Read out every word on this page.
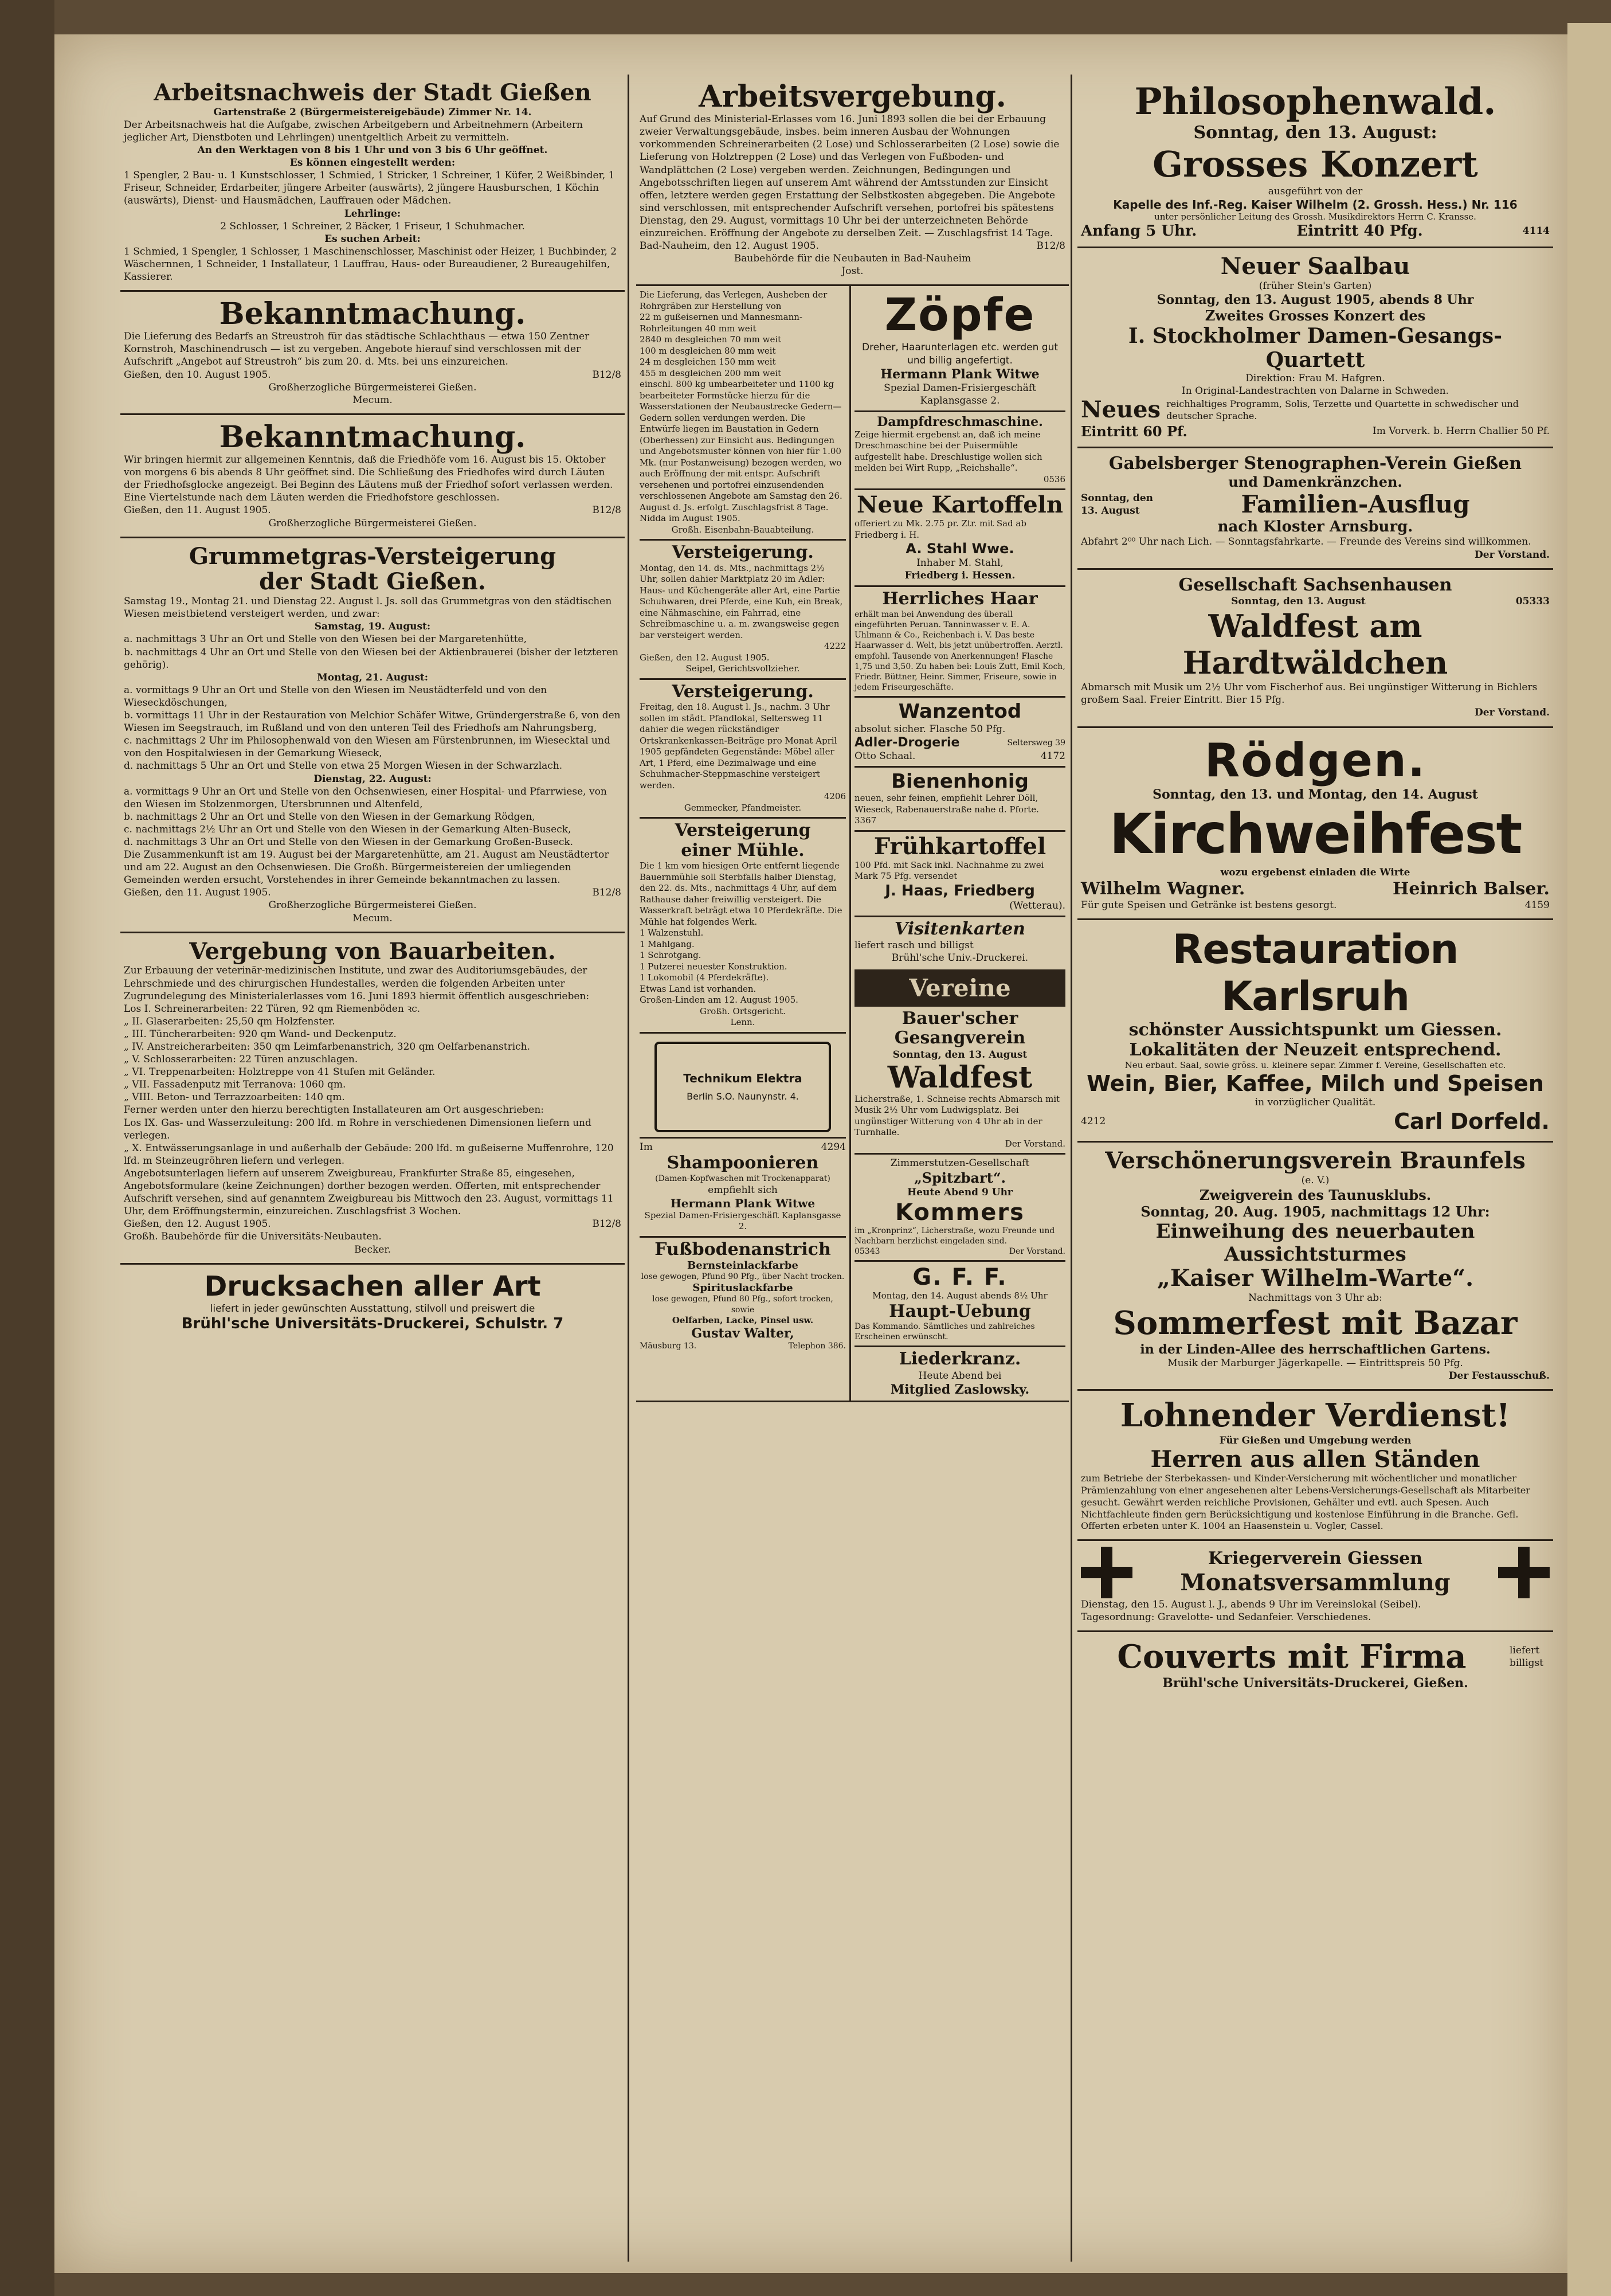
Arbeitsnachweis der Stadt Gießen
Gartenstraße 2 (Bürgermeistereigebäude) Zimmer Nr. 14.
Der Arbeitsnachweis hat die Aufgabe, zwischen Arbeitgebern und Arbeitnehmern (Arbeitern jeglicher Art, Dienstboten und Lehrlingen) unentgeltlich Arbeit zu vermitteln.
An den Werktagen von 8 bis 1 Uhr und von 3 bis 6 Uhr geöffnet.
Es können eingestellt werden:
1 Spengler, 2 Bau- u. 1 Kunstschlosser, 1 Schmied, 1 Stricker, 1 Schreiner, 1 Küfer, 2 Weißbinder, 1 Friseur, Schneider, Erdarbeiter, jüngere Arbeiter (auswärts), 2 jüngere Hausburschen, 1 Köchin (auswärts), Dienst- und Hausmädchen, Lauffrauen oder Mädchen.
Lehrlinge:
2 Schlosser, 1 Schreiner, 2 Bäcker, 1 Friseur, 1 Schuhmacher.
Es suchen Arbeit:
1 Schmied, 1 Spengler, 1 Schlosser, 1 Maschinenschlosser, Maschinist oder Heizer, 1 Buchbinder, 2 Wäschernnen, 1 Schneider, 1 Installateur, 1 Lauffrau, Haus- oder Bureaudiener, 2 Bureaugehilfen, Kassierer.
Bekanntmachung.
Die Lieferung des Bedarfs an Streustroh für das städtische Schlachthaus — etwa 150 Zentner Kornstroh, Maschinendrusch — ist zu vergeben. Angebote hierauf sind verschlossen mit der Aufschrift „Angebot auf Streustroh“ bis zum 20. d. Mts. bei uns einzureichen.
Gießen, den 10. August 1905.	B12/8
Großherzogliche Bürgermeisterei Gießen.
Mecum.
Bekanntmachung.
Wir bringen hiermit zur allgemeinen Kenntnis, daß die Friedhöfe vom 16. August bis 15. Oktober von morgens 6 bis abends 8 Uhr geöffnet sind. Die Schließung des Friedhofes wird durch Läuten der Friedhofsglocke angezeigt. Bei Beginn des Läutens muß der Friedhof sofort verlassen werden. Eine Viertelstunde nach dem Läuten werden die Friedhofstore geschlossen.
Gießen, den 11. August 1905.	B12/8
Großherzogliche Bürgermeisterei Gießen.
Grummetgras-Versteigerung
der Stadt Gießen.
Samstag 19., Montag 21. und Dienstag 22. August l. Js. soll das Grummetgras von den städtischen Wiesen meistbietend versteigert werden, und zwar:
Samstag, 19. August:
a. nachmittags 3 Uhr an Ort und Stelle von den Wiesen bei der Margaretenhütte,
b. nachmittags 4 Uhr an Ort und Stelle von den Wiesen bei der Aktienbrauerei (bisher der letzteren gehörig).
Montag, 21. August:
a. vormittags 9 Uhr an Ort und Stelle von den Wiesen im Neustädterfeld und von den Wieseckdöschungen,
b. vormittags 11 Uhr in der Restauration von Melchior Schäfer Witwe, Gründergerstraße 6, von den Wiesen im Seegstrauch, im Rußland und von den unteren Teil des Friedhofs am Nahrungsberg,
c. nachmittags 2 Uhr im Philosophenwald von den Wiesen am Fürstenbrunnen, im Wiesecktal und von den Hospitalwiesen in der Gemarkung Wieseck,
d. nachmittags 5 Uhr an Ort und Stelle von etwa 25 Morgen Wiesen in der Schwarzlach.
Dienstag, 22. August:
a. vormittags 9 Uhr an Ort und Stelle von den Ochsenwiesen, einer Hospital- und Pfarrwiese, von den Wiesen im Stolzenmorgen, Utersbrunnen und Altenfeld,
b. nachmittags 2 Uhr an Ort und Stelle von den Wiesen in der Gemarkung Rödgen,
c. nachmittags 2½ Uhr an Ort und Stelle von den Wiesen in der Gemarkung Alten-Buseck,
d. nachmittags 3 Uhr an Ort und Stelle von den Wiesen in der Gemarkung Großen-Buseck.
Die Zusammenkunft ist am 19. August bei der Margaretenhütte, am 21. August am Neustädtertor und am 22. August an den Ochsenwiesen. Die Großh. Bürgermeistereien der umliegenden Gemeinden werden ersucht, Vorstehendes in ihrer Gemeinde bekanntmachen zu lassen.
Gießen, den 11. August 1905.	B12/8
Großherzogliche Bürgermeisterei Gießen.
Mecum.
Vergebung von Bauarbeiten.
Zur Erbauung der veterinär-medizinischen Institute, und zwar des Auditoriumsgebäudes, der Lehrschmiede und des chirurgischen Hundestalles, werden die folgenden Arbeiten unter Zugrundelegung des Ministerialerlasses vom 16. Juni 1893 hiermit öffentlich ausgeschrieben:
Los I. Schreinerarbeiten: 22 Türen, 92 qm Riemenböden ꝛc.
„ II. Glaserarbeiten: 25,50 qm Holzfenster.
„ III. Tüncherarbeiten: 920 qm Wand- und Deckenputz.
„ IV. Anstreicherarbeiten: 350 qm Leimfarbenanstrich, 320 qm Oelfarbenanstrich.
„ V. Schlosserarbeiten: 22 Türen anzuschlagen.
„ VI. Treppenarbeiten: Holztreppe von 41 Stufen mit Geländer.
„ VII. Fassadenputz mit Terranova: 1060 qm.
„ VIII. Beton- und Terrazzoarbeiten: 140 qm.
Ferner werden unter den hierzu berechtigten Installateuren am Ort ausgeschrieben:
Los IX. Gas- und Wasserzuleitung: 200 lfd. m Rohre in verschiedenen Dimensionen liefern und verlegen.
„ X. Entwässerungsanlage in und außerhalb der Gebäude: 200 lfd. m gußeiserne Muffenrohre, 120 lfd. m Steinzeugröhren liefern und verlegen.
Angebotsunterlagen liefern auf unserem Zweigbureau, Frankfurter Straße 85, eingesehen, Angebotsformulare (keine Zeichnungen) dorther bezogen werden. Offerten, mit entsprechender Aufschrift versehen, sind auf genanntem Zweigbureau bis Mittwoch den 23. August, vormittags 11 Uhr, dem Eröffnungstermin, einzureichen. Zuschlagsfrist 3 Wochen.
Gießen, den 12. August 1905.	B12/8
Großh. Baubehörde für die Universitäts-Neubauten.
Becker.
Drucksachen aller Art
liefert in jeder gewünschten Ausstattung, stilvoll und preiswert die
Brühl'sche Universitäts-Druckerei, Schulstr. 7
Arbeitsvergebung.
Auf Grund des Ministerial-Erlasses vom 16. Juni 1893 sollen die bei der Erbauung zweier Verwaltungsgebäude, insbes. beim inneren Ausbau der Wohnungen vorkommenden Schreinerarbeiten (2 Lose) und Schlosserarbeiten (2 Lose) sowie die Lieferung von Holztreppen (2 Lose) und das Verlegen von Fußboden- und Wandplättchen (2 Lose) vergeben werden. Zeichnungen, Bedingungen und Angebotsschriften liegen auf unserem Amt während der Amtsstunden zur Einsicht offen, letztere werden gegen Erstattung der Selbstkosten abgegeben. Die Angebote sind verschlossen, mit entsprechender Aufschrift versehen, portofrei bis spätestens Dienstag, den 29. August, vormittags 10 Uhr bei der unterzeichneten Behörde einzureichen. Eröffnung der Angebote zu derselben Zeit. — Zuschlagsfrist 14 Tage.
Bad-Nauheim, den 12. August 1905.	B12/8
Baubehörde für die Neubauten in Bad-Nauheim
Jost.
Die Lieferung, das Verlegen, Ausheben der Rohrgräben zur Herstellung von
22 m gußeisernen und Mannesmann-Rohrleitungen 40 mm weit
2840 m desgleichen 70 mm weit
100 m desgleichen 80 mm weit
24 m desgleichen 150 mm weit
455 m desgleichen 200 mm weit
einschl. 800 kg umbearbeiteter und 1100 kg bearbeiteter Formstücke hierzu für die Wasserstationen der Neubaustrecke Gedern—Gedern sollen verdungen werden. Die Entwürfe liegen im Baustation in Gedern (Oberhessen) zur Einsicht aus. Bedingungen und Angebotsmuster können von hier für 1.00 Mk. (nur Postanweisung) bezogen werden, wo auch Eröffnung der mit entspr. Aufschrift versehenen und portofrei einzusendenden verschlossenen Angebote am Samstag den 26. August d. Js. erfolgt. Zuschlagsfrist 8 Tage.
Nidda im August 1905.
Großh. Eisenbahn-Bauabteilung.
Versteigerung.
Montag, den 14. ds. Mts., nachmittags 2½ Uhr, sollen dahier Marktplatz 20 im Adler: Haus- und Küchengeräte aller Art, eine Partie Schuhwaren, drei Pferde, eine Kuh, ein Break, eine Nähmaschine, ein Fahrrad, eine Schreibmaschine u. a. m. zwangsweise gegen bar versteigert werden.
4222
Gießen, den 12. August 1905.
Seipel, Gerichtsvollzieher.
Versteigerung.
Freitag, den 18. August l. Js., nachm. 3 Uhr sollen im städt. Pfandlokal, Seltersweg 11 dahier die wegen rückständiger Ortskrankenkassen-Beiträge pro Monat April 1905 gepfändeten Gegenstände: Möbel aller Art, 1 Pferd, eine Dezimalwage und eine Schuhmacher-Steppmaschine versteigert werden.
4206
Gemmecker, Pfandmeister.
Versteigerung
einer Mühle.
Die 1 km vom hiesigen Orte entfernt liegende Bauernmühle soll Sterbfalls halber Dienstag, den 22. ds. Mts., nachmittags 4 Uhr, auf dem Rathause daher freiwillig versteigert. Die Wasserkraft beträgt etwa 10 Pferdekräfte. Die Mühle hat folgendes Werk.
1 Walzenstuhl.
1 Mahlgang.
1 Schrotgang.
1 Putzerei neuester Konstruktion.
1 Lokomobil (4 Pferdekräfte).
Etwas Land ist vorhanden.
Großen-Linden am 12. August 1905.
Großh. Ortsgericht.
Lenn.
Technikum Elektra
Berlin S.O. Naunynstr. 4.
Im	4294
Shampoonieren
(Damen-Kopfwaschen mit Trockenapparat)
empfiehlt sich
Hermann Plank Witwe
Spezial Damen-Frisiergeschäft Kaplansgasse 2.
Fußbodenanstrich
Bernsteinlackfarbe
lose gewogen, Pfund 90 Pfg., über Nacht trocken.
Spirituslackfarbe
lose gewogen, Pfund 80 Pfg., sofort trocken, sowie
Oelfarben, Lacke, Pinsel usw.
Gustav Walter,
Mäusburg 13.	Telephon 386.
Zöpfe
Dreher, Haarunterlagen etc. werden gut und billig angefertigt.
Hermann Plank Witwe
Spezial Damen-Frisiergeschäft Kaplansgasse 2.
Dampfdreschmaschine.
Zeige hiermit ergebenst an, daß ich meine Dreschmaschine bei der Puisermühle aufgestellt habe. Dreschlustige wollen sich melden bei Wirt Rupp, „Reichshalle“.
0536
Neue Kartoffeln
offeriert zu Mk. 2.75 pr. Ztr. mit Sad ab Friedberg i. H.
A. Stahl Wwe.
Inhaber M. Stahl,
Friedberg i. Hessen.
Herrliches Haar
erhält man bei Anwendung des überall eingeführten Peruan. Tanninwasser v. E. A. Uhlmann & Co., Reichenbach i. V. Das beste Haarwasser d. Welt, bis jetzt unübertroffen. Aerztl. empfohl. Tausende von Anerkennungen! Flasche 1,75 und 3,50. Zu haben bei: Louis Zutt, Emil Koch, Friedr. Büttner, Heinr. Simmer, Friseure, sowie in jedem Friseurgeschäfte.
Wanzentod
absolut sicher. Flasche 50 Pfg.
Adler-Drogerie	Seltersweg 39
Otto Schaal.	4172
Bienenhonig
neuen, sehr feinen, empfiehlt Lehrer Döll, Wieseck, Rabenauerstraße nahe d. Pforte.
3367
Frühkartoffel
100 Pfd. mit Sack inkl. Nachnahme zu zwei Mark 75 Pfg. versendet
J. Haas, Friedberg
(Wetterau).
Visitenkarten
liefert rasch und billigst
Brühl'sche Univ.-Druckerei.
Vereine
Bauer'scher
Gesangverein
Sonntag, den 13. August
Waldfest
Licherstraße, 1. Schneise rechts Abmarsch mit Musik 2½ Uhr vom Ludwigsplatz. Bei ungünstiger Witterung von 4 Uhr ab in der Turnhalle.
Der Vorstand.
Zimmerstutzen-Gesellschaft
„Spitzbart“.
Heute Abend 9 Uhr
Kommers
im „Kronprinz“, Licherstraße, wozu Freunde und Nachbarn herzlichst eingeladen sind.
05343	Der Vorstand.
G. F. F.
Montag, den 14. August abends 8½ Uhr
Haupt-Uebung
Das Kommando. Sämtliches und zahlreiches Erscheinen erwünscht.
Liederkranz.
Heute Abend bei
Mitglied Zaslowsky.
Philosophenwald.
Sonntag, den 13. August:
Grosses Konzert
ausgeführt von der
Kapelle des Inf.-Reg. Kaiser Wilhelm (2. Grossh. Hess.) Nr. 116
unter persönlicher Leitung des Grossh. Musikdirektors Herrn C. Kransse.
Anfang 5 Uhr.	Eintritt 40 Pfg.	4114
Neuer Saalbau
(früher Stein's Garten)
Sonntag, den 13. August 1905, abends 8 Uhr
Zweites Grosses Konzert des
I. Stockholmer Damen-Gesangs-Quartett
Direktion: Frau M. Hafgren.
In Original-Landestrachten von Dalarne in Schweden.
Neues reichhaltiges Programm, Solis, Terzette und Quartette in schwedischer und deutscher Sprache.
Eintritt 60 Pf.	Im Vorverk. b. Herrn Challier 50 Pf.
Gabelsberger Stenographen-Verein Gießen
und Damenkränzchen.
Sonntag, den 13. August	Familien-Ausflug
nach Kloster Arnsburg.
Abfahrt 2⁰⁰ Uhr nach Lich. — Sonntagsfahrkarte. — Freunde des Vereins sind willkommen.
Der Vorstand.
Gesellschaft Sachsenhausen
Sonntag, den 13. August	05333
Waldfest am Hardtwäldchen
Abmarsch mit Musik um 2½ Uhr vom Fischerhof aus. Bei ungünstiger Witterung in Bichlers großem Saal. Freier Eintritt. Bier 15 Pfg.
Der Vorstand.
Rödgen.
Sonntag, den 13. und Montag, den 14. August
Kirchweihfest
wozu ergebenst einladen die Wirte
Wilhelm Wagner.	Heinrich Balser.
Für gute Speisen und Getränke ist bestens gesorgt.	4159
Restauration Karlsruh
schönster Aussichtspunkt um Giessen.
Lokalitäten der Neuzeit entsprechend.
Neu erbaut. Saal, sowie gröss. u. kleinere separ. Zimmer f. Vereine, Gesellschaften etc.
Wein, Bier, Kaffee, Milch und Speisen
in vorzüglicher Qualität.
4212	Carl Dorfeld.
Verschönerungsverein Braunfels
(e. V.)
Zweigverein des Taunusklubs.
Sonntag, 20. Aug. 1905, nachmittags 12 Uhr:
Einweihung des neuerbauten Aussichtsturmes
„Kaiser Wilhelm-Warte“.
Nachmittags von 3 Uhr ab:
Sommerfest mit Bazar
in der Linden-Allee des herrschaftlichen Gartens.
Musik der Marburger Jägerkapelle. — Eintrittspreis 50 Pfg.
Der Festausschuß.
Lohnender Verdienst!
Für Gießen und Umgebung werden
Herren aus allen Ständen
zum Betriebe der Sterbekassen- und Kinder-Versicherung mit wöchentlicher und monatlicher Prämienzahlung von einer angesehenen alter Lebens-Versicherungs-Gesellschaft als Mitarbeiter gesucht. Gewährt werden reichliche Provisionen, Gehälter und evtl. auch Spesen. Auch Nichtfachleute finden gern Berücksichtigung und kostenlose Einführung in die Branche. Gefl. Offerten erbeten unter K. 1004 an Haasenstein u. Vogler, Cassel.
Kriegerverein Giessen
Monatsversammlung
Dienstag, den 15. August l. J., abends 9 Uhr im Vereinslokal (Seibel).
Tagesordnung: Gravelotte- und Sedanfeier. Verschiedenes.
Couverts mit Firma	liefert billigst
Brühl'sche Universitäts-Druckerei, Gießen.
